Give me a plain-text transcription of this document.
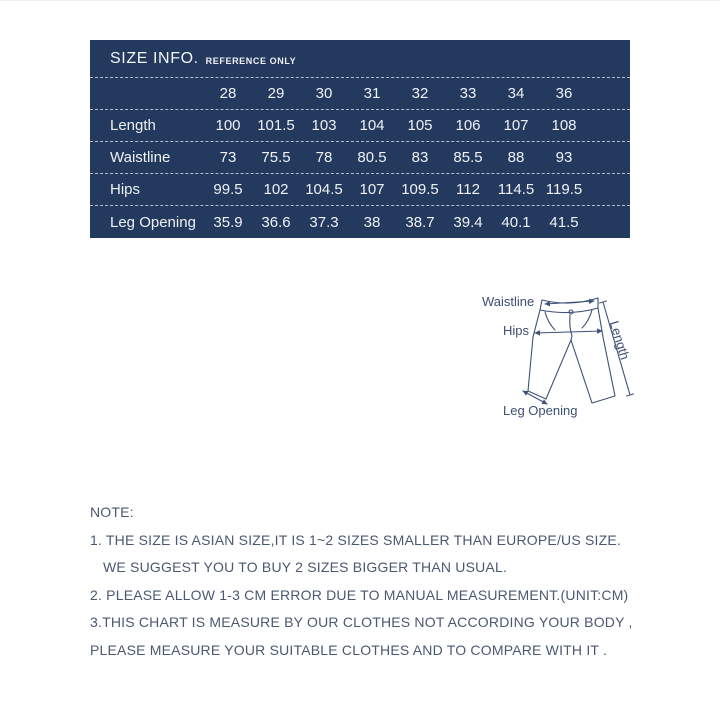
SIZE INFO. REFERENCE ONLY
28	29	30	31	32	33	34	36
Length	100	101.5	103	104	105	106	107	108
Waistline	73	75.5	78	80.5	83	85.5	88	93
Hips	99.5	102	104.5	107	109.5	112	114.5 119.5
Leg Opening	35.9	36.6	37.3	38	38.7	39.4	40.1	41.5
Waistline
Hips	Length
Leg Opening
NOTE:
1. THE SIZE IS ASIAN SIZE,IT IS 1~2 SIZES SMALLER THAN EUROPE/US SIZE.
WE SUGGEST YOU TO BUY 2 SIZES BIGGER THAN USUAL.
2. PLEASE ALLOW 1-3 CM ERROR DUE TO MANUAL MEASUREMENT.(UNIT:CM)
3.THIS CHART IS MEASURE BY OUR CLOTHES NOT ACCORDING YOUR BODY ,
PLEASE MEASURE YOUR SUITABLE CLOTHES AND TO COMPARE WITH IT .
